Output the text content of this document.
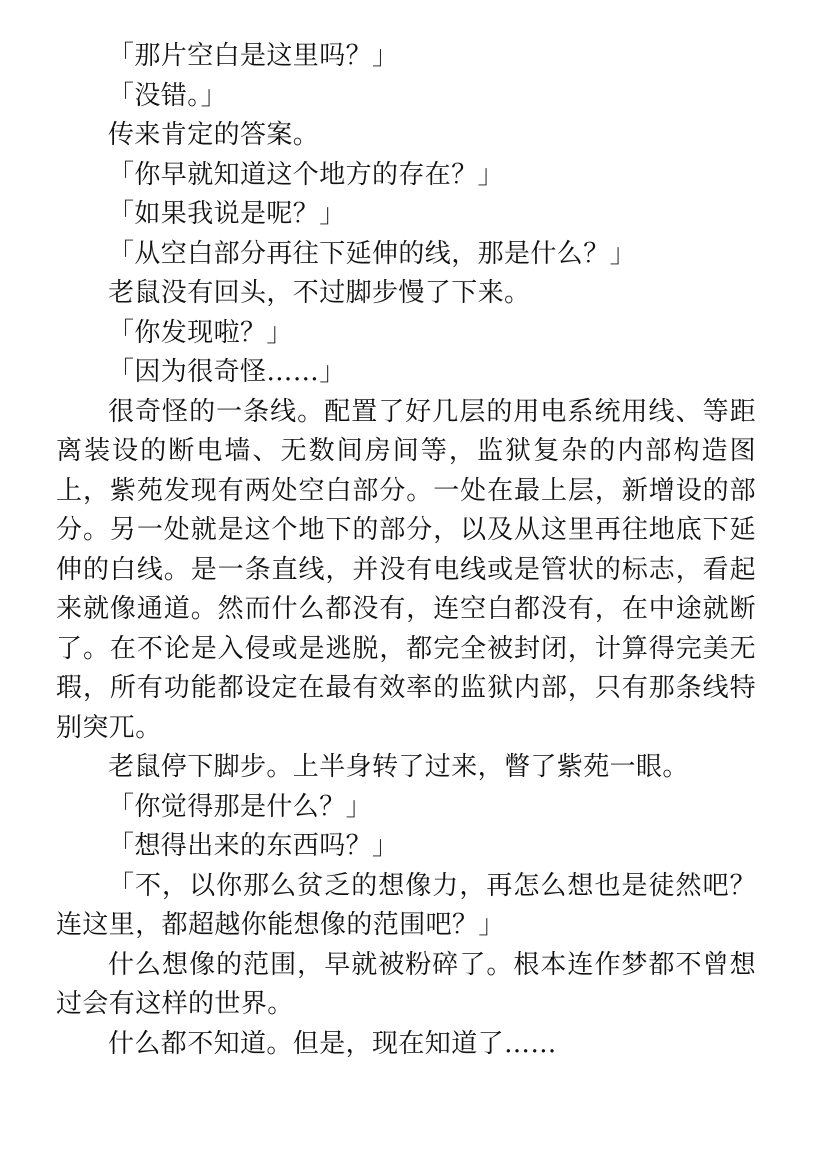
「那片空白是这里吗？」

「没错。」

传来肯定的答案。

「你早就知道这个地方的存在？」

「如果我说是呢？」

「从空白部分再往下延伸的线，那是什么？」

老鼠没有回头，不过脚步慢了下来。

「你发现啦？」

「因为很奇怪……」

很奇怪的一条线。配置了好几层的用电系统用线、等距离装设的断电墙、无数间房间等，监狱复杂的内部构造图上，紫苑发现有两处空白部分。一处在最上层，新增设的部分。另一处就是这个地下的部分，以及从这里再往地底下延伸的白线。是一条直线，并没有电线或是管状的标志，看起来就像通道。然而什么都没有，连空白都没有，在中途就断了。在不论是入侵或是逃脱，都完全被封闭，计算得完美无瑕，所有功能都设定在最有效率的监狱内部，只有那条线特别突兀。

老鼠停下脚步。上半身转了过来，瞥了紫苑一眼。

「你觉得那是什么？」

「想得出来的东西吗？」

「不，以你那么贫乏的想像力，再怎么想也是徒然吧？连这里，都超越你能想像的范围吧？」

什么想像的范围，早就被粉碎了。根本连作梦都不曾想过会有这样的世界。

什么都不知道。但是，现在知道了……
